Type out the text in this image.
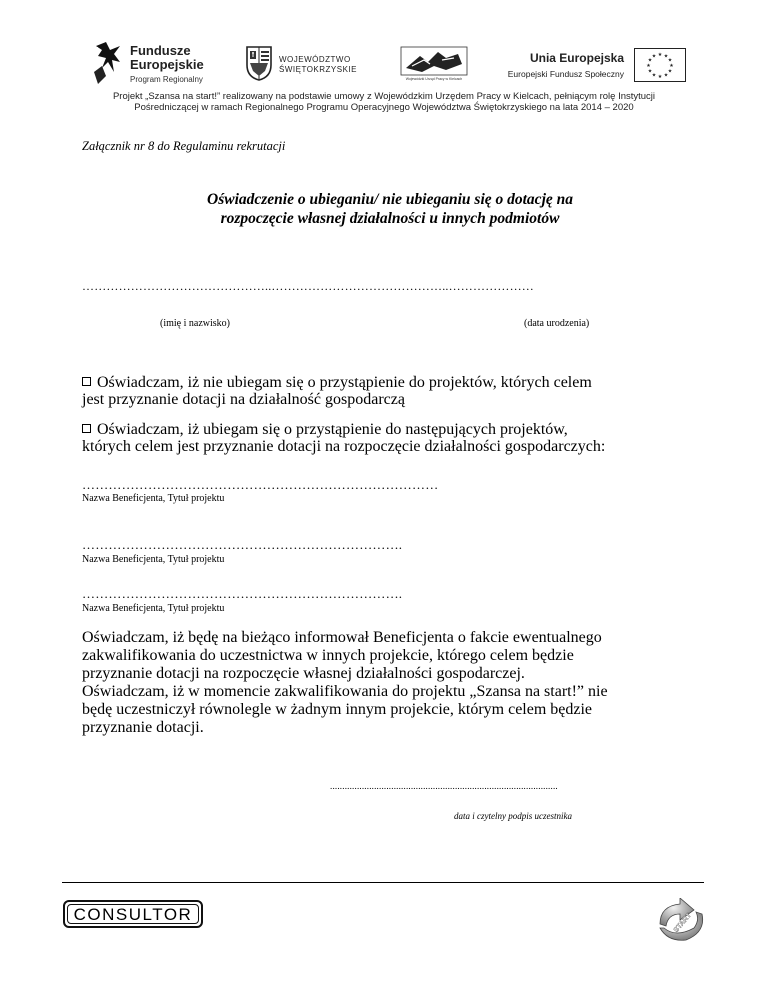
Fundusze
Europejskie
Program Regionalny
WOJEWÓDZTWO
ŚWIĘTOKRZYSKIE
Wojewódzki Urząd Pracy w Kielcach
Unia Europejska
Europejski Fundusz Społeczny
★ ★
★
★
★
★
★
★
★
★
★
★
Projekt „Szansa na start!” realizowany na podstawie umowy z Wojewódzkim Urzędem Pracy w Kielcach, pełniącym rolę Instytucji
Pośredniczącej w ramach Regionalnego Programu Operacyjnego Województwa Świętokrzyskiego na lata 2014 – 2020
Załącznik nr 8 do Regulaminu rekrutacji
Oświadczenie o ubieganiu/ nie ubieganiu się o dotację na
rozpoczęcie własnej działalności u innych podmiotów
………………………………………..……………………………………..…………………
(imię i nazwisko)	(data urodzenia)
Oświadczam, iż nie ubiegam się o przystąpienie do projektów, których celem
jest przyznanie dotacji na działalność gospodarczą
Oświadczam, iż ubiegam się o przystąpienie do następujących projektów,
których celem jest przyznanie dotacji na rozpoczęcie działalności gospodarczych:
………………………………………………………………………
Nazwa Beneficjenta, Tytuł projektu
……………………………………………………………….
Nazwa Beneficjenta, Tytuł projektu
……………………………………………………………….
Nazwa Beneficjenta, Tytuł projektu
Oświadczam, iż będę na bieżąco informował Beneficjenta o fakcie ewentualnego
zakwalifikowania do uczestnictwa w innych projekcie, którego celem będzie
przyznanie dotacji na rozpoczęcie własnej działalności gospodarczej.
Oświadczam, iż w momencie zakwalifikowania do projektu „Szansa na start!” nie
będę uczestniczył równolegle w żadnym innym projekcie, którym celem będzie
przyznanie dotacji.
.............................................................................................
data i czytelny podpis uczestnika
CONSULTOR	START
